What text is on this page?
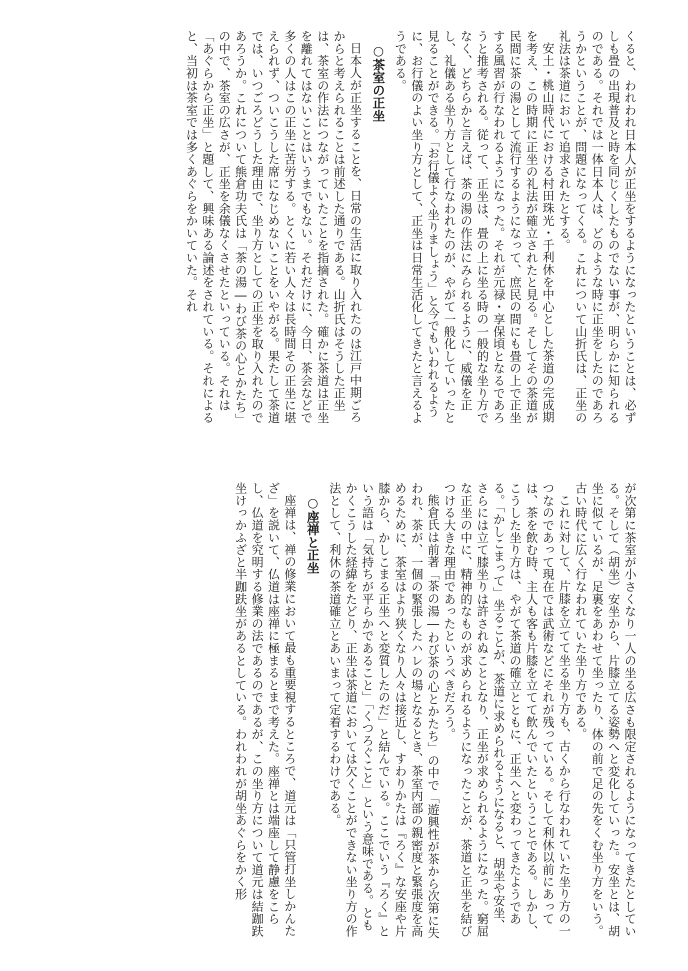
くると、われわれ日本人が正坐をするようになったということは、必ずしも畳の出現普及と時を同じくしたものでない事が、明らかに知られるのである。それでは一体日本人は、どのような時に正坐をしたのであろうかということが、問題になってくる。これについて山折氏は、正坐の礼法は茶道において追求されたとする。

安土・桃山時代における村田珠光・千利休を中心とした茶道の完成期を考え、この時期に正坐の礼法が確立されたと見る。そしてその茶道が民間に茶の湯として流行するようになって、庶民の間にも畳の上で正坐する風習が行なわれるようになった。それが元禄・享保頃となるであろうと推考される。従って、正坐は、畳の上に坐る時の一般的な坐り方でなく、どちらかと言えば、茶の湯の作法にみられるように、威儀を正し、礼儀ある坐り方として行なわれたのが、やがて一般化していったと見ることができる。「お行儀よく坐りましょう」と今でもいわれるように、お行儀のよい坐り方として、正坐は日常生活化してきたと言えるようである。

○茶室の正坐

日本人が正坐することを、日常の生活に取り入れたのは江戸中期ごろからと考えられることは前述した通りである。山折氏はそうした正坐は、茶室の作法につながっていたことを指摘された。確かに茶道は正坐を離れてはないことはいうまでもない。それだけに、今日、茶会などで多くの人はこの正坐に苦労する。とくに若い人々は長時間その正坐に堪えられず、ついこうした席になじめないことをいやがる。果たして茶道では、いつごろどうした理由で、坐り方としての正坐を取り入れたのであろうか。これについて熊倉功夫氏は「茶の湯―わび茶の心とかたち」の中で、茶室の広さが、正坐を余儀なくさせたといっている。それは「あぐらから正坐」と題して、興味ある論述をされている。それによると、当初は茶室では多くあぐらをかいていた。それ

が次第に茶室が小さくなり一人の坐る広さも限定されるようになってきたとしている。そして（胡坐）安坐から、片膝立てる姿勢へと変化していった。安坐とは、胡坐に似ているが、足裏をあわせて坐ったり、体の前で足の先をくむ坐り方をいう。古い時代に広く行なわれていた坐り方である。

これに対して、片膝を立てて坐る坐り方も、古くから行なわれていた坐り方の一つなのであって現在では武術などにそれが残っている。そして利休以前にあっては、茶を飲む時、主人も客も片膝を立てて飲んでいたということである。しかし、こうした坐り方は、やがて茶道の確立とともに、正坐へと変わってきたようである。「かしこまって」坐ることが、茶道に求められるようになると、胡坐や安坐、さらには立て膝坐りは許されぬこととなり、正坐が求められるようになった。窮屈な正坐の中に、精神的なものが求められるようになったことが、茶道と正坐を結びつける大きな理由であったというべきだろう。

熊倉氏は前著「茶の湯―わび茶の心とかたち」の中で「遊興性が茶から次第に失われ、茶が、一個の緊張したハレの場となるとき、茶室内部の親密度と緊張度を高めるために、茶室はより狭くなり人々は接近し、すわりかたは『ろく』な安座や片膝から、かしこまる正坐へと変質したのだ」と結んでいる。ここでいう『ろく』という語は「気持ちが平らかであること」「くつろぐこと」という意味である。ともかくこうした経緯をたどり、正坐は茶道においては欠くことができない坐り方の作法として、利休の茶道確立とあいまって定着するわけである。

○座禅と正坐

座禅は、禅の修業において最も重要視するところで、道元は「只管打坐しかんたざ」を説いて、仏道は座禅に極まるとまで考えた。座禅とは端座して静慮をこらし、仏道を究明する修業の法であるのであるが、この坐り方について道元は結跏趺坐けっかふざと半跏趺坐があるとしている。われわれが胡坐あぐらをかく形
